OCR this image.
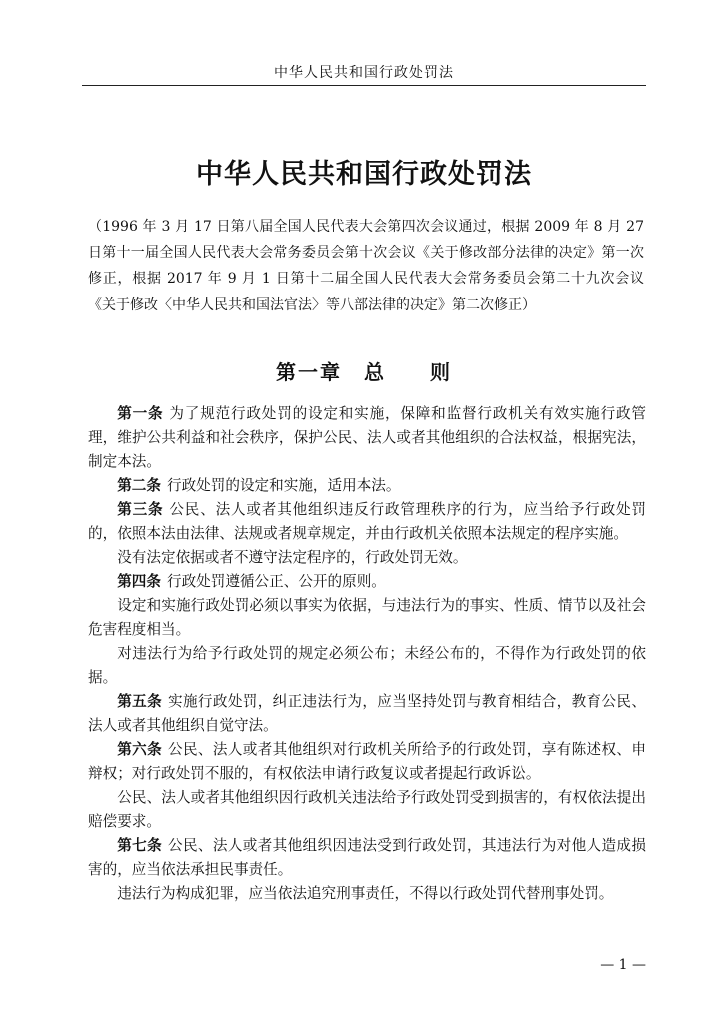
中华人民共和国行政处罚法
中华人民共和国行政处罚法
（1996 年 3 月 17 日第八届全国人民代表大会第四次会议通过，根据 2009 年 8 月 27 日第十一届全国人民代表大会常务委员会第十次会议《关于修改部分法律的决定》第一次修正，根据 2017 年 9 月 1 日第十二届全国人民代表大会常务委员会第二十九次会议《关于修改〈中华人民共和国法官法〉等八部法律的决定》第二次修正）
第一章　总　　则

第一条 为了规范行政处罚的设定和实施，保障和监督行政机关有效实施行政管理，维护公共利益和社会秩序，保护公民、法人或者其他组织的合法权益，根据宪法，制定本法。

第二条 行政处罚的设定和实施，适用本法。

第三条 公民、法人或者其他组织违反行政管理秩序的行为，应当给予行政处罚的，依照本法由法律、法规或者规章规定，并由行政机关依照本法规定的程序实施。

没有法定依据或者不遵守法定程序的，行政处罚无效。

第四条 行政处罚遵循公正、公开的原则。

设定和实施行政处罚必须以事实为依据，与违法行为的事实、性质、情节以及社会危害程度相当。

对违法行为给予行政处罚的规定必须公布；未经公布的，不得作为行政处罚的依据。

第五条 实施行政处罚，纠正违法行为，应当坚持处罚与教育相结合，教育公民、法人或者其他组织自觉守法。

第六条 公民、法人或者其他组织对行政机关所给予的行政处罚，享有陈述权、申辩权；对行政处罚不服的，有权依法申请行政复议或者提起行政诉讼。

公民、法人或者其他组织因行政机关违法给予行政处罚受到损害的，有权依法提出赔偿要求。

第七条 公民、法人或者其他组织因违法受到行政处罚，其违法行为对他人造成损害的，应当依法承担民事责任。

违法行为构成犯罪，应当依法追究刑事责任，不得以行政处罚代替刑事处罚。

— 1 —
